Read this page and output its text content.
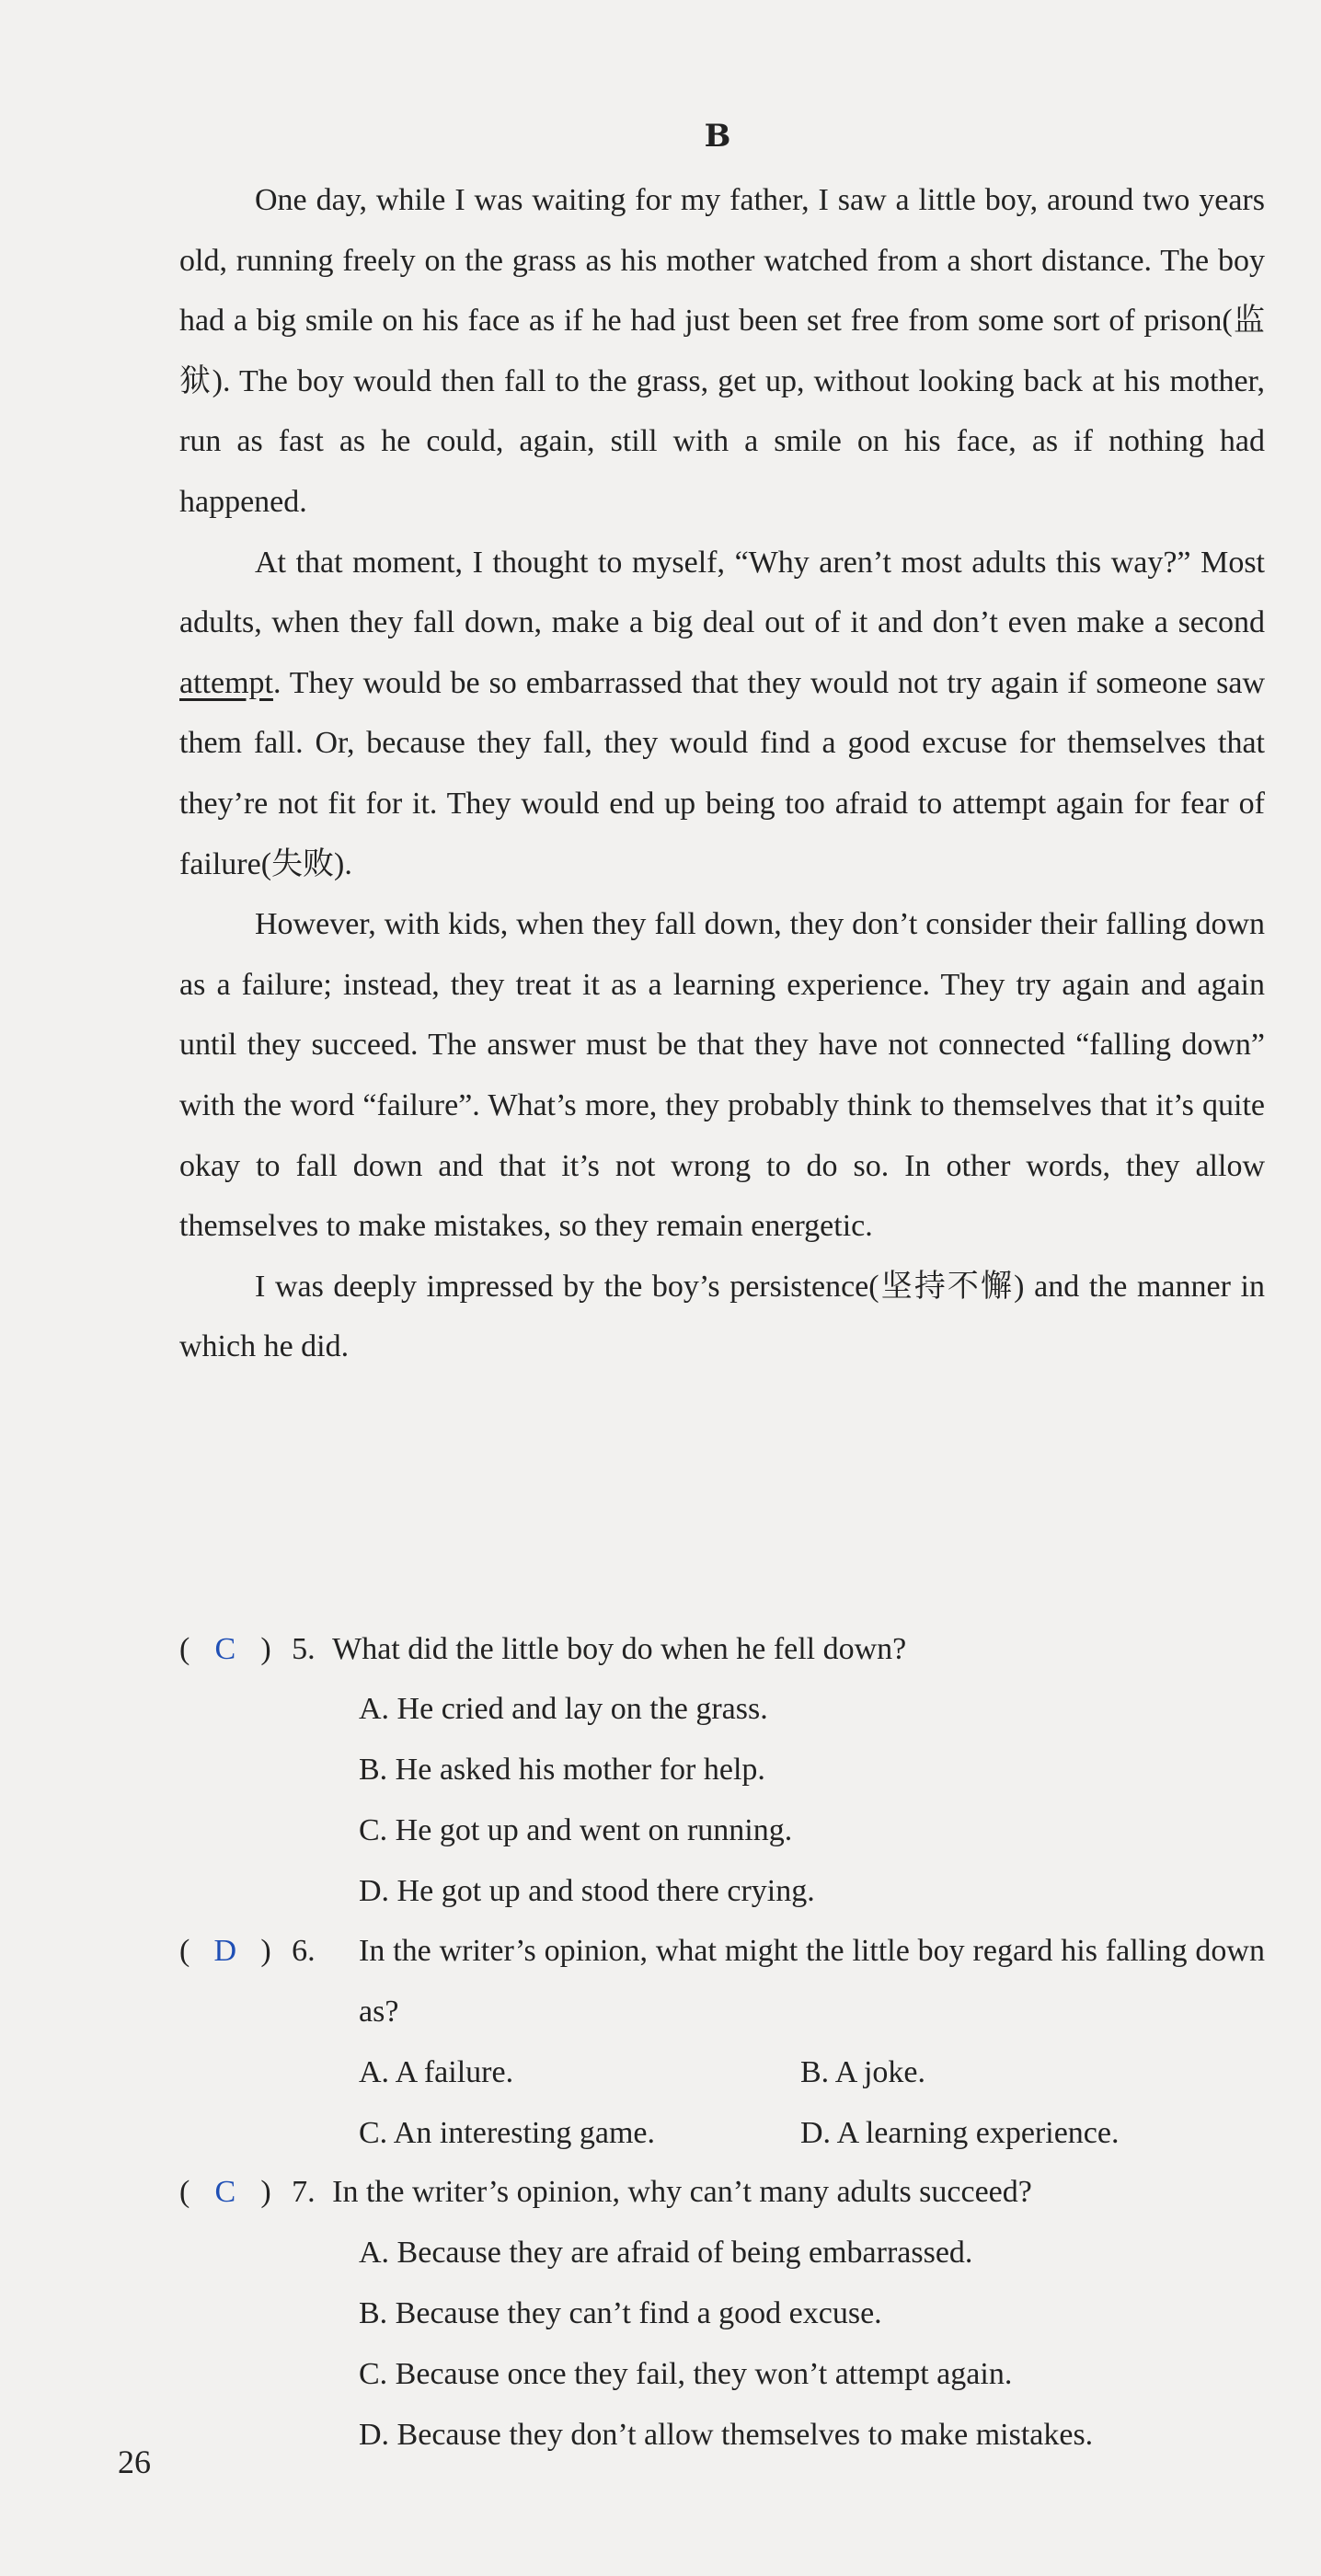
B

One day, while I was waiting for my father, I saw a little boy, around two years old, running freely on the grass as his mother watched from a short distance. The boy had a big smile on his face as if he had just been set free from some sort of prison(监狱). The boy would then fall to the grass, get up, without looking back at his mother, run as fast as he could, again, still with a smile on his face, as if nothing had happened.

At that moment, I thought to myself, “Why aren’t most adults this way?” Most adults, when they fall down, make a big deal out of it and don’t even make a second attempt. They would be so embarrassed that they would not try again if someone saw them fall. Or, because they fall, they would find a good excuse for themselves that they’re not fit for it. They would end up being too afraid to attempt again for fear of failure(失败).

However, with kids, when they fall down, they don’t consider their falling down as a failure; instead, they treat it as a learning experience. They try again and again until they succeed. The answer must be that they have not connected “falling down” with the word “failure”. What’s more, they probably think to themselves that it’s quite okay to fall down and that it’s not wrong to do so. In other words, they allow themselves to make mistakes, so they remain energetic.

I was deeply impressed by the boy’s persistence(坚持不懈) and the manner in which he did.

( C ) 5. What did the little boy do when he fell down?
A. He cried and lay on the grass.
B. He asked his mother for help.
C. He got up and went on running.
D. He got up and stood there crying.
( D ) 6.	In the writer’s opinion, what might the little boy regard his falling down as?
A. A failure.	B. A joke.
C. An interesting game.	D. A learning experience.
( C ) 7. In the writer’s opinion, why can’t many adults succeed?
A. Because they are afraid of being embarrassed.
B. Because they can’t find a good excuse.
C. Because once they fail, they won’t attempt again.
D. Because they don’t allow themselves to make mistakes.
26
